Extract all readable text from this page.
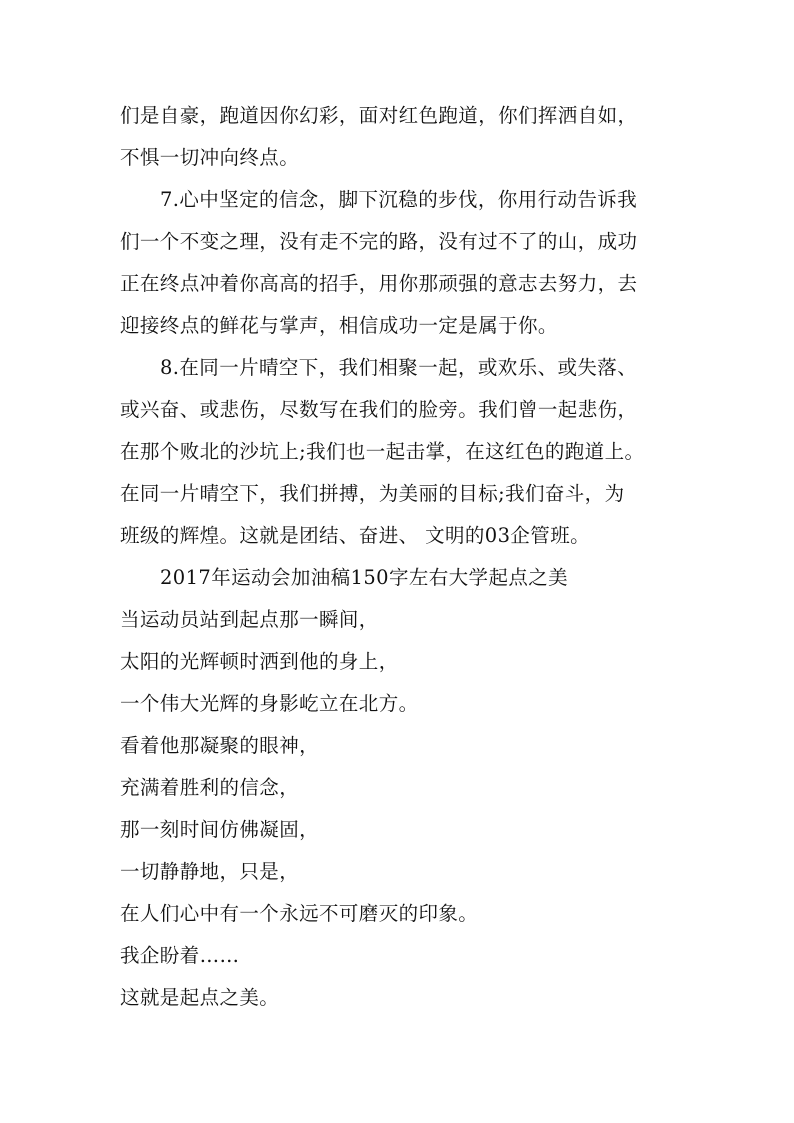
们是自豪，跑道因你幻彩，面对红色跑道，你们挥洒自如，
不惧一切冲向终点。
7.心中坚定的信念，脚下沉稳的步伐，你用行动告诉我
们一个不变之理，没有走不完的路，没有过不了的山，成功
正在终点冲着你高高的招手，用你那顽强的意志去努力，去
迎接终点的鲜花与掌声，相信成功一定是属于你。
8.在同一片晴空下，我们相聚一起，或欢乐、或失落、
或兴奋、或悲伤，尽数写在我们的脸旁。我们曾一起悲伤，
在那个败北的沙坑上;我们也一起击掌，在这红色的跑道上。
在同一片晴空下，我们拼搏，为美丽的目标;我们奋斗，为
班级的辉煌。这就是团结、奋进、 文明的03企管班。
2017年运动会加油稿150字左右大学起点之美
当运动员站到起点那一瞬间，
太阳的光辉顿时洒到他的身上，
一个伟大光辉的身影屹立在北方。
看着他那凝聚的眼神，
充满着胜利的信念，
那一刻时间仿佛凝固，
一切静静地，只是，
在人们心中有一个永远不可磨灭的印象。
我企盼着……
这就是起点之美。
